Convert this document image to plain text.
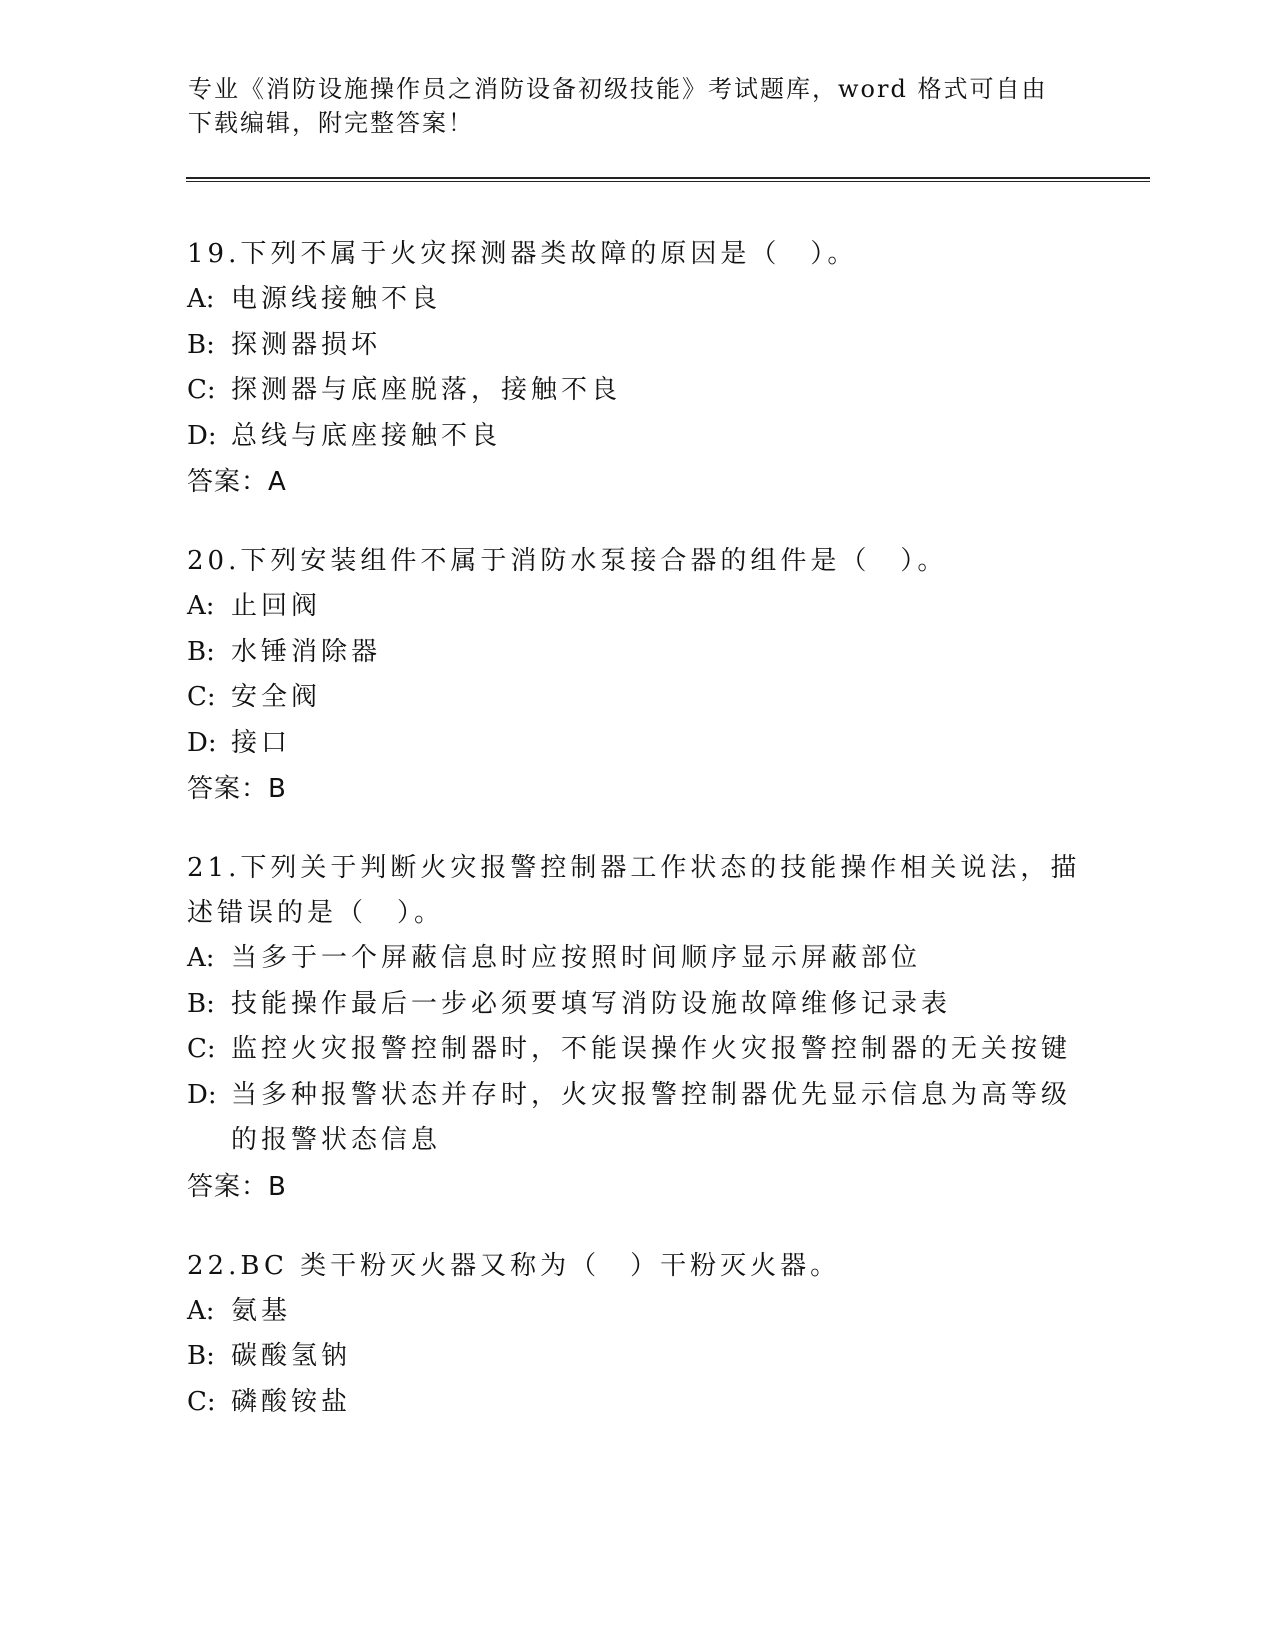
专业《消防设施操作员之消防设备初级技能》考试题库，word 格式可自由下载编辑，附完整答案！
19.下列不属于火灾探测器类故障的原因是（　）。
A: 电源线接触不良
B: 探测器损坏
C: 探测器与底座脱落，接触不良
D: 总线与底座接触不良
答案：A
20.下列安装组件不属于消防水泵接合器的组件是（　）。
A: 止回阀
B: 水锤消除器
C: 安全阀
D: 接口
答案：B
21.下列关于判断火灾报警控制器工作状态的技能操作相关说法，描述错误的是（　）。
A: 当多于一个屏蔽信息时应按照时间顺序显示屏蔽部位
B: 技能操作最后一步必须要填写消防设施故障维修记录表
C: 监控火灾报警控制器时，不能误操作火灾报警控制器的无关按键
D: 当多种报警状态并存时，火灾报警控制器优先显示信息为高等级的报警状态信息
答案：B
22.BC 类干粉灭火器又称为（　）干粉灭火器。
A: 氨基
B: 碳酸氢钠
C: 磷酸铵盐
